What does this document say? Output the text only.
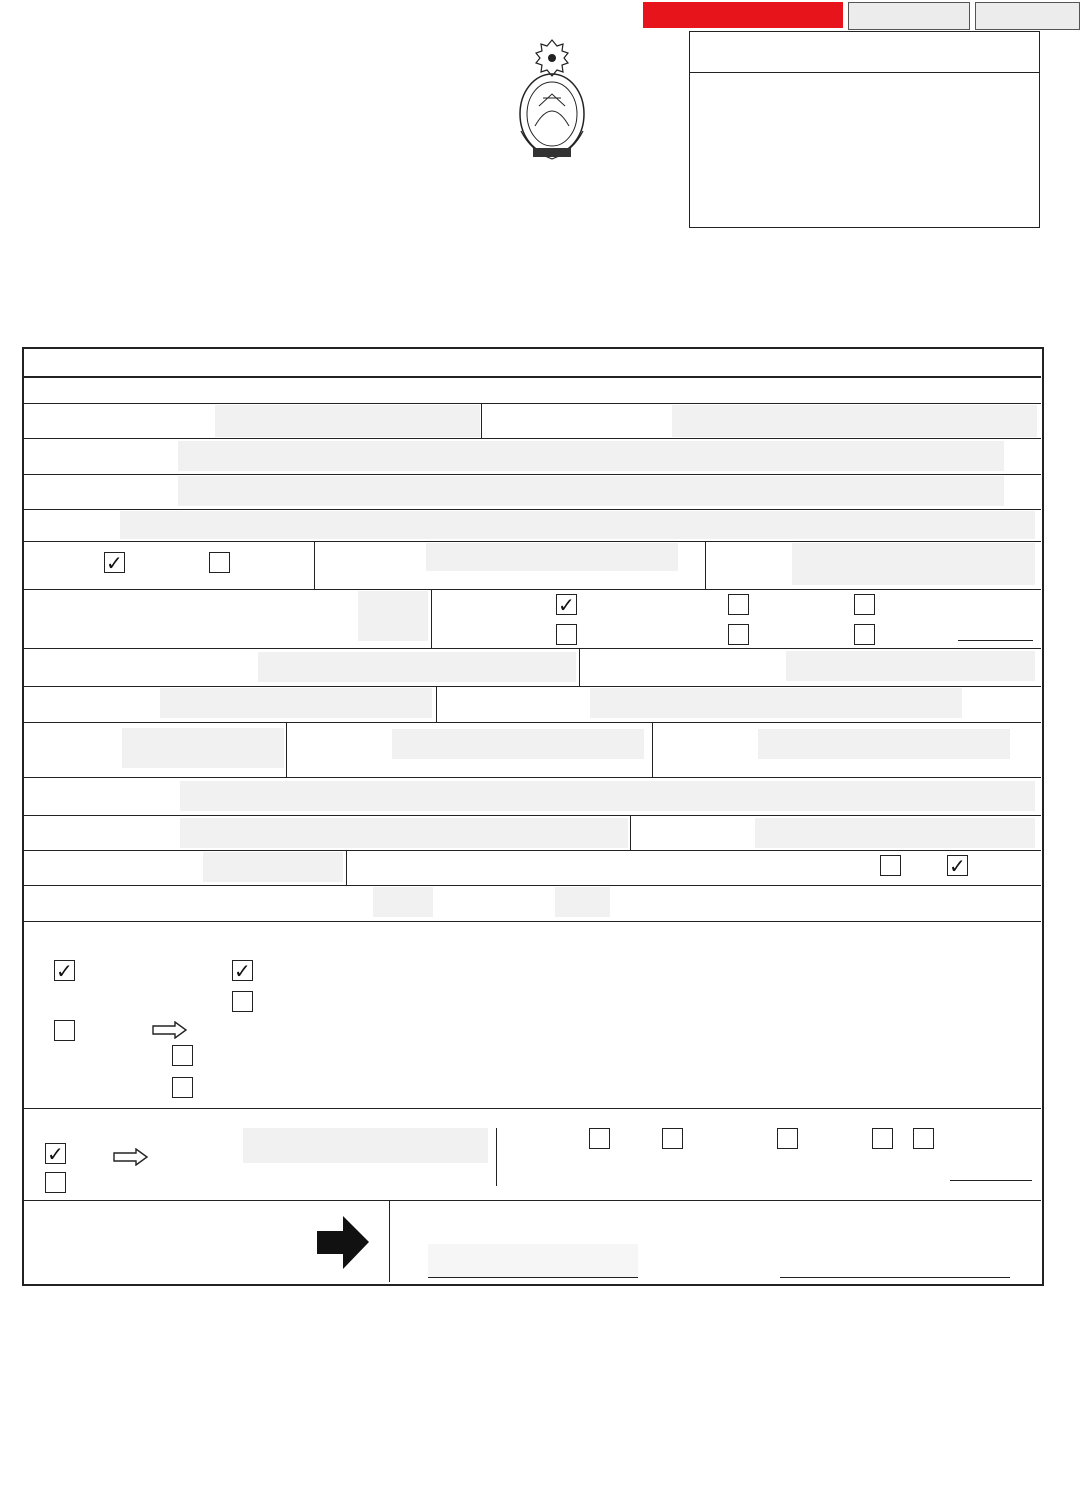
✓
✓
✓
✓	✓
✓
